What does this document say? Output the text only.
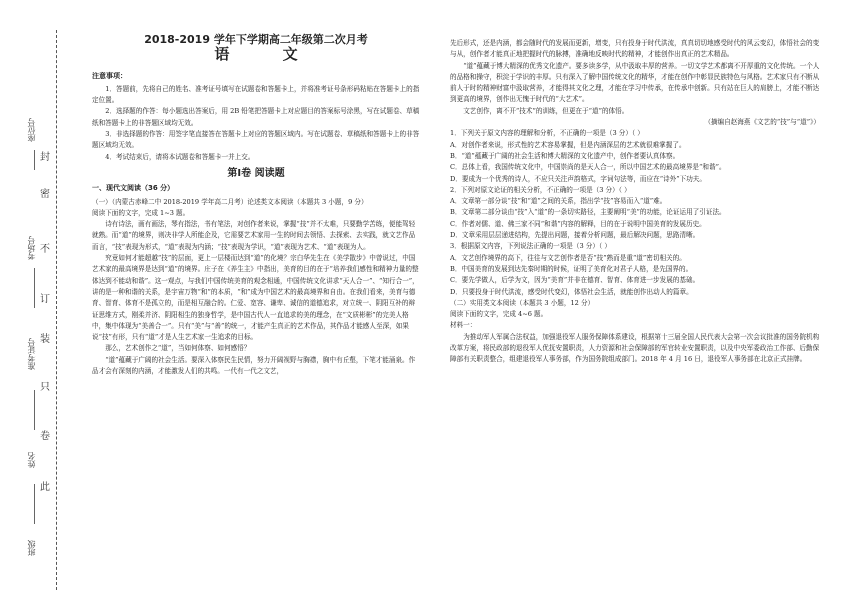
封
密
不
订
装
只
卷
此
座位号
考场号
准考证号
姓名
班级
2018-2019 学年下学期高二年级第二次月考
语 文
注意事项：

1．答题前，先将自己的姓名、准考证号填写在试题卷和答题卡上，并将准考证号条形码粘贴在答题卡上的指定位置。

2．选择题的作答：每小题选出答案后，用 2B 铅笔把答题卡上对应题目的答案标号涂黑，写在试题卷、草稿纸和答题卡上的非答题区域均无效。

3．非选择题的作答：用签字笔直接答在答题卡上对应的答题区域内。写在试题卷、草稿纸和答题卡上的非答题区域均无效。

4．考试结束后，请将本试题卷和答题卡一并上交。

第Ⅰ卷 阅读题
一、现代文阅读（36 分）

（一）（内蒙古赤峰二中 2018-2019 学年高二月考）论述类文本阅读（本题共 3 小题，9 分）

阅读下面的文字，完成 1~3 题。

诗有诗法，画有画法，琴有指法，书有笔法，对创作者来说，掌握“技”并不太难，只要勤学苦练，便能驾轻就熟。而“道”的境界，则决非学人所能企及，它需要艺术家用一生的时间去领悟、去探索、去实践，就文艺作品而言，“技”表现为形式，“道”表现为内涵；“技”表现为学识，“道”表现为艺术、“道”表现为人。

究竟如何才能超越“技”的层面，更上一层楼而达到“道”的化境？宗白华先生在《美学散步》中曾说过，中国艺术家的最高境界是达到“道”的境界。庄子在《养生主》中指出，美育的目的在于“培养我们感性和精神力量的整体达到不能动和谐”。这一观点，与我们中国传统美育的观念相通，中国传统文化讲求“天人合一”、“知行合一”，讲的是一种和谐的关系，是宇宙万物“和”的本质，“和”成为中国艺术的最高境界和自由。在我们看来，美育与德育、智育、体育不是孤立的，而是相互融合的。仁爱、宽容、谦卑、诚信的道德追求，对立统一、阴阳互补的辩证思维方式，刚柔并济、阴阳相生的独身哲学，是中国古代人一直追求的美的理念，在“文质彬彬”的完美人格中，集中体现为“美善合一”。只有“美”与“善”的统一，才能产生真正的艺术作品，其作品才能感人至深，如果说“技”有形，只有“道”才是人生艺术家一生追求的目标。

那么，艺术创作之“道”，当如何体察、如何感悟？

“道”蕴藏于广阔的社会生活。要深入体察民生民情，努力开阔视野与胸襟，胸中有丘壑，下笔才能涌泉。作品才会有深刻的内涵，才能激发人们的共鸣。一代有一代之文艺，

先后形式，还是内涵，都会随时代的发展而更新，增变，只有投身于时代洪流，真真切切地感受时代的风云变幻，体悟社会的变与从，创作者才能真正地把握时代的脉搏，准确地反映时代的精神，才能创作出真正的艺术精品。

“道”蕴藏于博大精深的优秀文化遗产。要多读多学，从中汲取丰厚的营养。一切文学艺术都离不开厚重的文化传统。一个人的品格和操守，积淀于学识的丰厚。只有深入了解中国传统文化的精华，才能在创作中彰显民族特色与风格。艺术家只有不断从前人于时的精神财富中汲取营养，才能得其文化之理，才能在学习中传承，在传承中创新。只有站在巨人的肩膀上，才能不断达到更高的境界，创作出无愧于时代的“大艺术”。

文艺创作，离不开“技术”的训练，但更在于“道”的体悟。

（摘编自赵海燕《文艺的“技”与“道”》）

1．下列关于原文内容的理解和分析，不正确的一项是（3 分）（ ）

A．对创作者来说，形式性的艺术容易掌握，但是内涵深层的艺术就很难掌握了。

B．“道”蕴藏于广阔的社会生活和博大精深的文化遗产中，创作者要认真体察。

C．总体上看，我国传统文化中，中国崇尚的是天人合一，所以中国艺术的最高境界是“和谐”。

D．要成为一个优秀的诗人，不应只关注声韵格式，字词句法等，而应在“诗外”下功夫。

2．下列对原文论证的相关分析，不正确的一项是（3 分）（ ）

A．文章第一部分谈“技”和“道”之间的关系，指出学“技”容易而入“道”难。

B．文章第二部分谈由“技”入“道”的一条切实路径，主要阐明“美”的功能，论证运用了引证法。

C．作者对儒、道、佛三家不同“和谐”内容的解释，目的在于说明中国美育的发展历史。

D．文章采用层层递进结构，先提出问题，接着分析问题，最后解决问题，思路清晰。

3．根据原文内容，下列说法正确的一项是（3 分）（ ）

A．文艺创作境界的高下，往往与文艺创作者是否“技”熟而是重“道”密切相关的。

B．中国美育的发展到达先秦时期的时候，证明了美育化对君子人格，是先国界的。

C．要先学做人，后学为文，因为“美育”并非在德育、智育、体育进一步发展的基础。

D．只要投身于时代洪流，感受时代变幻，体悟社会生活，就能创作出动人的篇章。

（二）实用类文本阅读（本题共 3 小题，12 分）

阅读下面的文字，完成 4~6 题。

材料一：

为推动军人军属合法权益，加强退役军人服务保障体系建设，根据第十三届全国人民代表大会第一次会议批准的国务院机构改革方案，将民政部的退役军人优抚安置职责，人力资源和社会保障部的军官转业安置职责，以及中央军委政治工作部、后勤保障部有关职责整合，组建退役军人事务部，作为国务院组成部门。2018 年 4 月 16 日，退役军人事务部在北京正式挂牌。
